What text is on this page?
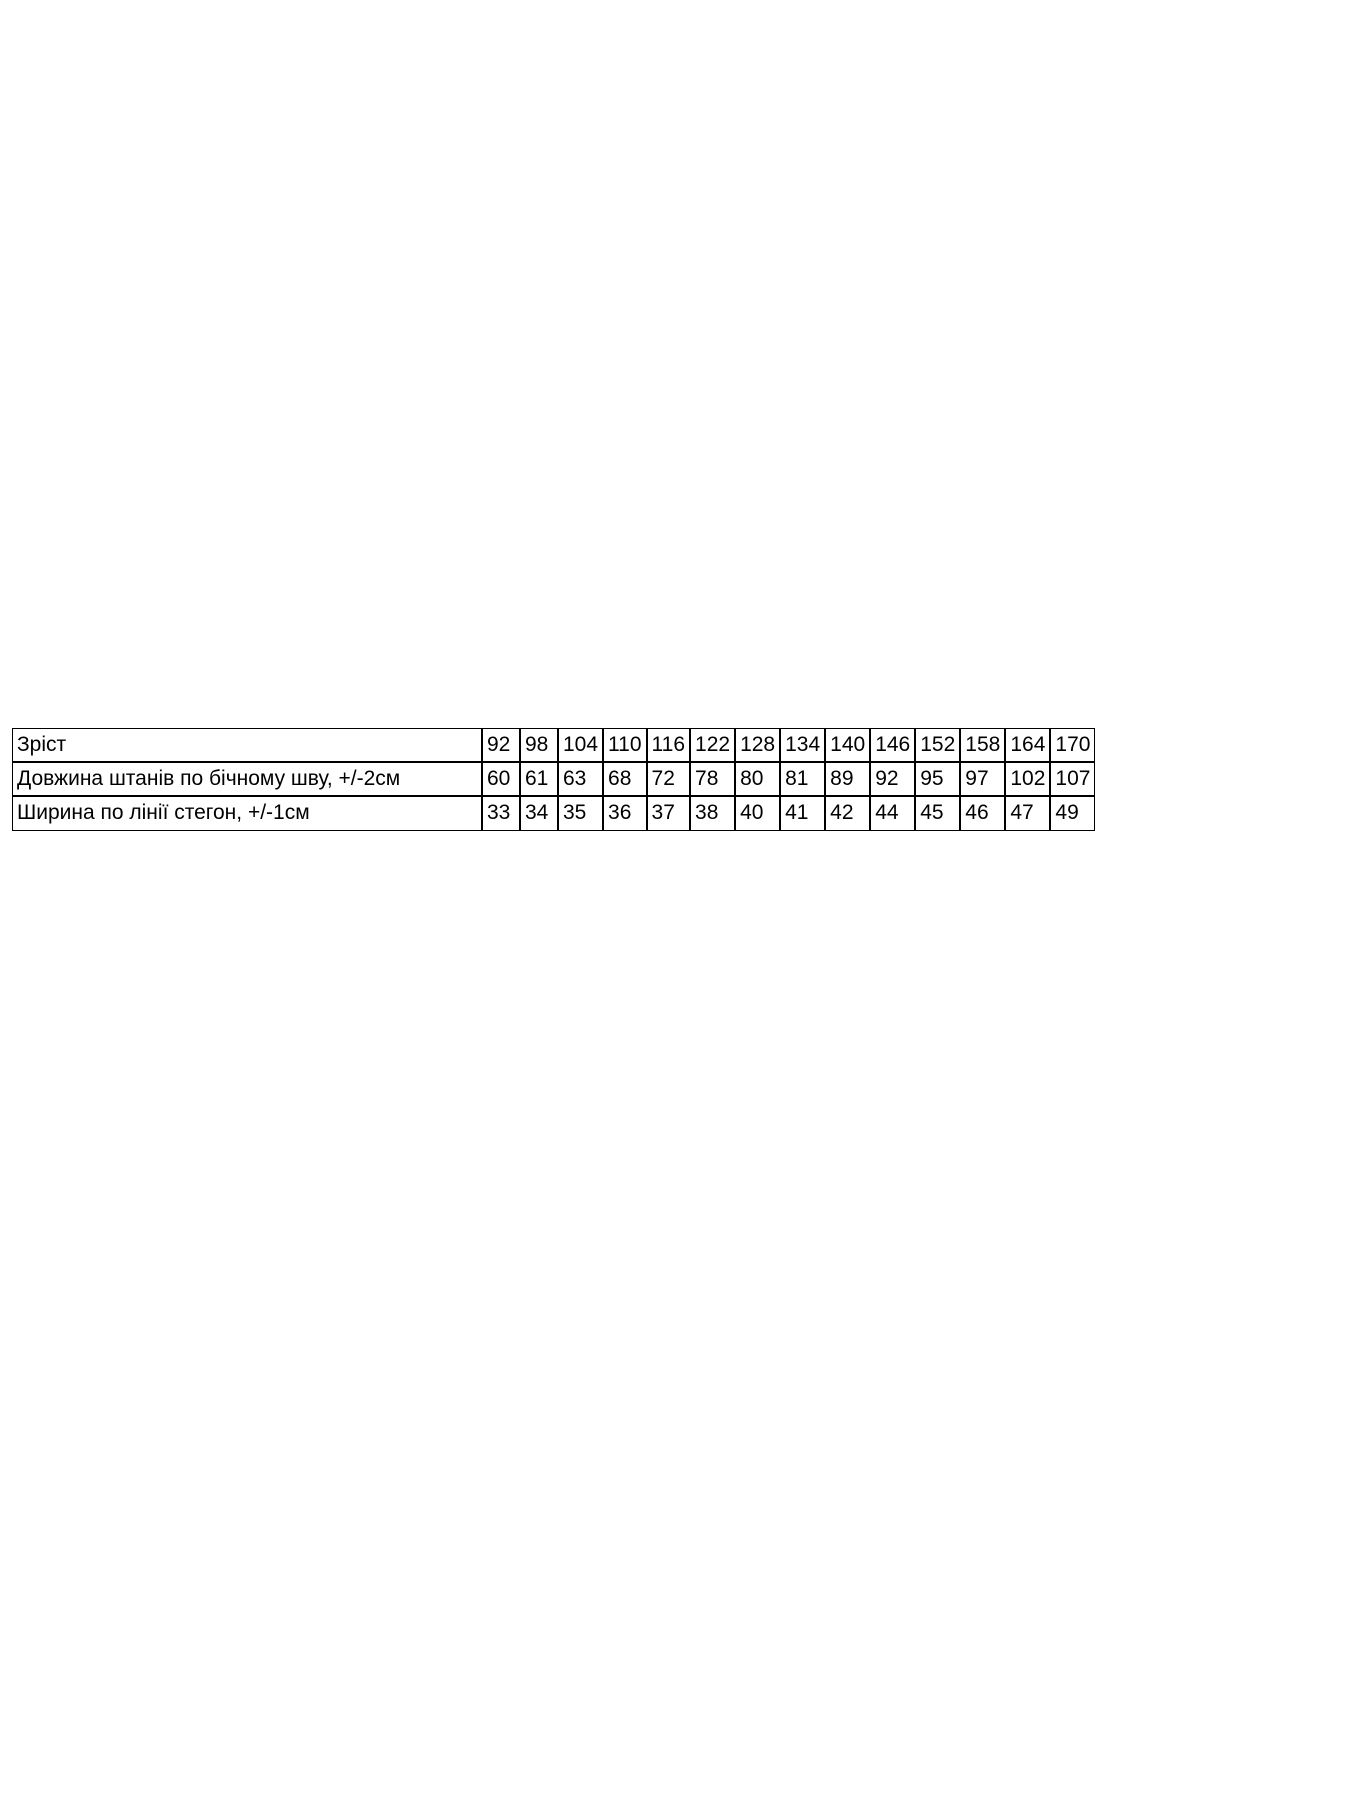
Зріст	92	98	104	110	116	122	128	134	140	146	152	158	164	170
Довжина штанів по бічному шву, +/-2см	60	61	63	68	72	78	80	81	89	92	95	97	102	107
Ширина по лінії стегон, +/-1см	33	34	35	36	37	38	40	41	42	44	45	46	47	49
